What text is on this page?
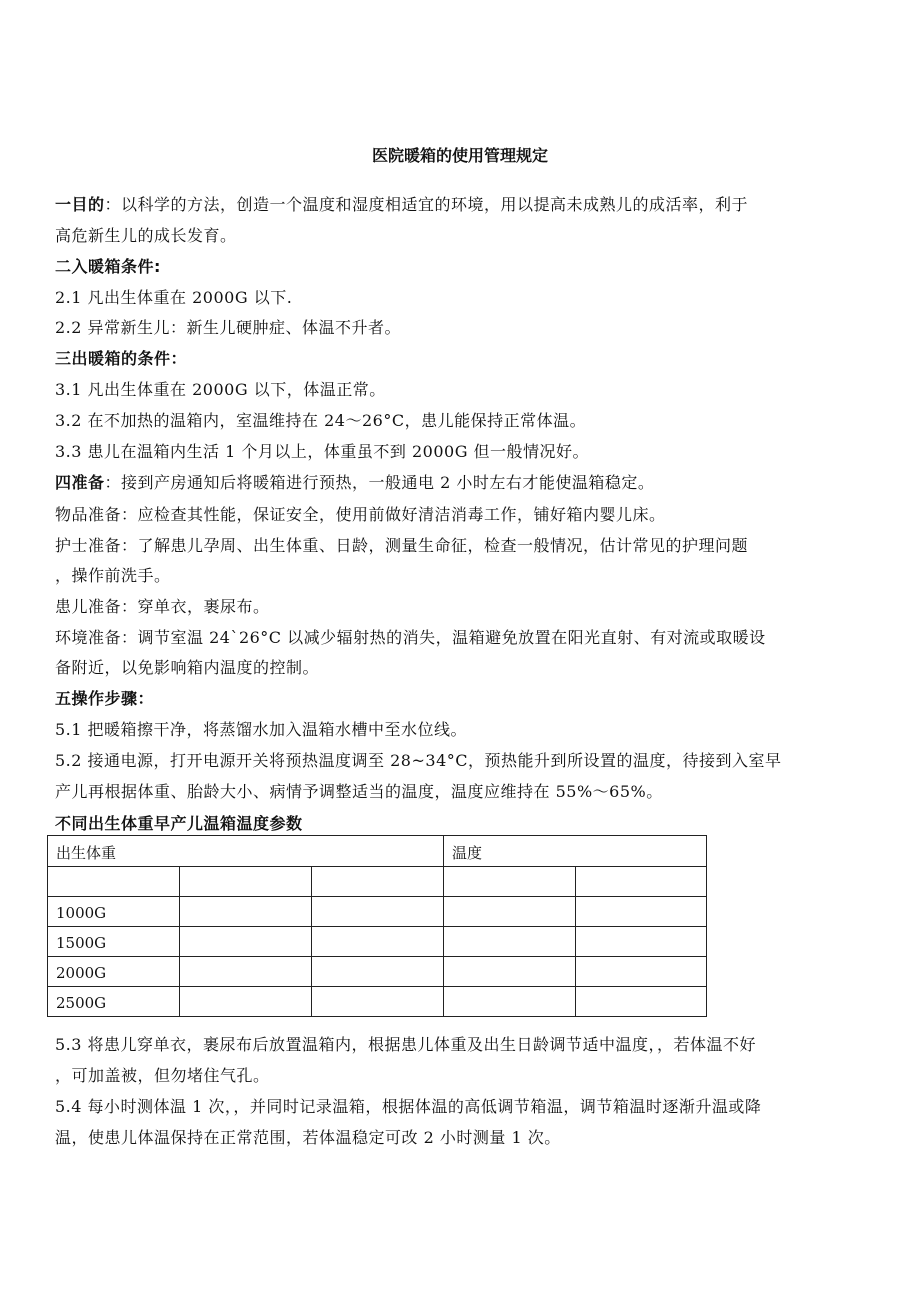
医院暖箱的使用管理规定
一目的：以科学的方法，创造一个温度和湿度相适宜的环境，用以提高未成熟儿的成活率，利于
高危新生儿的成长发育。
二入暖箱条件:
2.1 凡出生体重在 2000G 以下.
2.2 异常新生儿：新生儿硬肿症、体温不升者。
三出暖箱的条件：
3.1 凡出生体重在 2000G 以下，体温正常。
3.2 在不加热的温箱内，室温维持在 24～26°C，患儿能保持正常体温。
3.3 患儿在温箱内生活 1 个月以上，体重虽不到 2000G 但一般情况好。
四准备：接到产房通知后将暖箱进行预热，一般通电 2 小时左右才能使温箱稳定。
物品准备：应检查其性能，保证安全，使用前做好清洁消毒工作，铺好箱内婴儿床。
护士准备：了解患儿孕周、出生体重、日龄，测量生命征，检查一般情况，估计常见的护理问题
，操作前洗手。
患儿准备：穿单衣，裹尿布。
环境准备：调节室温 24`26°C 以减少辐射热的消失，温箱避免放置在阳光直射、有对流或取暖设
备附近，以免影响箱内温度的控制。
五操作步骤：
5.1 把暖箱擦干净，将蒸馏水加入温箱水槽中至水位线。
5.2 接通电源，打开电源开关将预热温度调至 28~34°C，预热能升到所设置的温度，待接到入室早
产儿再根据体重、胎龄大小、病情予调整适当的温度，温度应维持在 55%～65%。
不同出生体重早产儿温箱温度参数
出生体重			温度	

1000G				
1500G				
2000G				
2500G				
5.3 将患儿穿单衣，裹尿布后放置温箱内，根据患儿体重及出生日龄调节适中温度，，若体温不好
，可加盖被，但勿堵住气孔。
5.4 每小时测体温 1 次，，并同时记录温箱，根据体温的高低调节箱温，调节箱温时逐渐升温或降
温，使患儿体温保持在正常范围，若体温稳定可改 2 小时测量 1 次。
